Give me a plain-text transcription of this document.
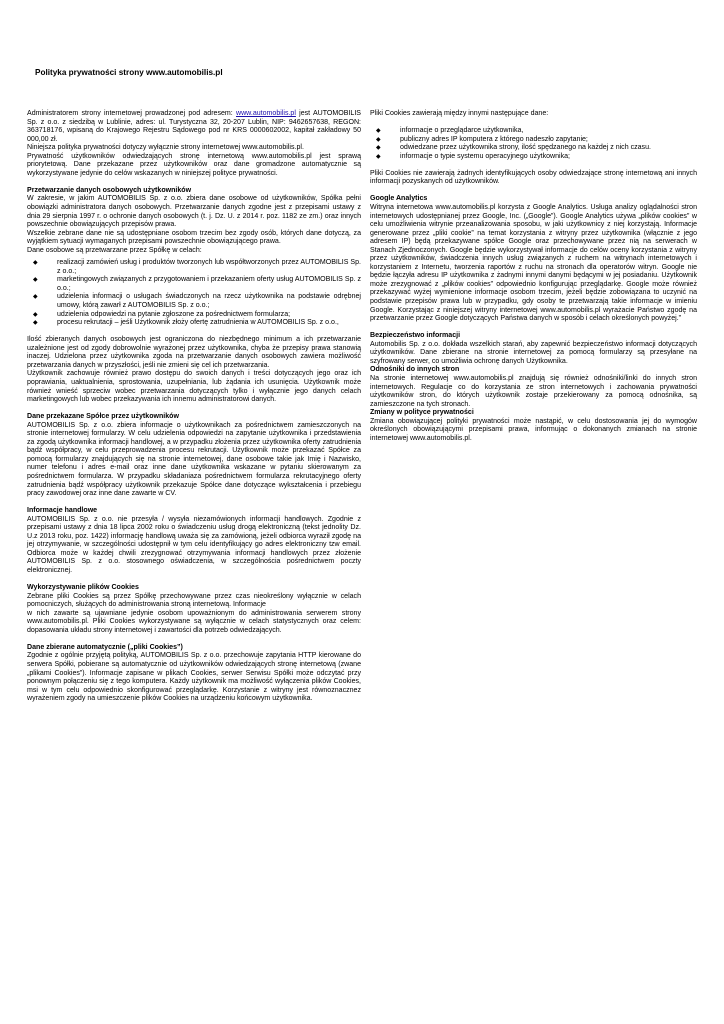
Polityka prywatności strony www.automobilis.pl

Administratorem strony internetowej prowadzonej pod adresem: www.automobilis.pl jest AUTOMOBILIS Sp. z o.o. z siedzibą w Lublinie, adres: ul. Turystyczna 32, 20-207 Lublin, NIP: 9462657638, REGON: 363718176, wpisaną do Krajowego Rejestru Sądowego pod nr KRS 0000602002, kapitał zakładowy 50 000,00 zł.

Niniejsza polityka prywatności dotyczy wyłącznie strony internetowej www.automobilis.pl.

Prywatność użytkowników odwiedzających stronę internetową www.automobilis.pl jest sprawą priorytetową. Dane przekazane przez użytkowników oraz dane gromadzone automatycznie są wykorzystywane jedynie do celów wskazanych w niniejszej polityce prywatności.

Przetwarzanie danych osobowych użytkowników

W zakresie, w jakim AUTOMOBILIS Sp. z o.o. zbiera dane osobowe od użytkowników, Spółka pełni obowiązki administratora danych osobowych. Przetwarzanie danych zgodne jest z przepisami ustawy z dnia 29 sierpnia 1997 r. o ochronie danych osobowych (t. j. Dz. U. z 2014 r. poz. 1182 ze zm.) oraz innych powszechnie obowiązujących przepisów prawa.

Wszelkie zebrane dane nie są udostępniane osobom trzecim bez zgody osób, których dane dotyczą, za wyjątkiem sytuacji wymaganych przepisami powszechnie obowiązującego prawa.

Dane osobowe są przetwarzane przez Spółkę w celach:

◆ realizacji zamówień usług i produktów tworzonych lub współtworzonych przez AUTOMOBILIS Sp. z o.o.;
◆ marketingowych związanych z przygotowaniem i przekazaniem oferty usług AUTOMOBILIS Sp. z o.o.;
◆ udzielenia informacji o usługach świadczonych na rzecz użytkownika na podstawie odrębnej umowy, którą zawarł z AUTOMOBILIS Sp. z o.o.;
◆ udzielenia odpowiedzi na pytanie zgłoszone za pośrednictwem formularza;
◆ procesu rekrutacji – jeśli Użytkownik złoży ofertę zatrudnienia w AUTOMOBILIS Sp. z o.o.,

Ilość zbieranych danych osobowych jest ograniczona do niezbędnego minimum a ich przetwarzanie uzależnione jest od zgody dobrowolnie wyrażonej przez użytkownika, chyba że przepisy prawa stanowią inaczej. Udzielona przez użytkownika zgoda na przetwarzanie danych osobowych zawiera możliwość przetwarzania danych w przyszłości, jeśli nie zmieni się cel ich przetwarzania.

Użytkownik zachowuje również prawo dostępu do swoich danych i treści dotyczących jego oraz ich poprawiania, uaktualnienia, sprostowania, uzupełniania, lub żądania ich usunięcia. Użytkownik może również wnieść sprzeciw wobec przetwarzania dotyczących tylko i wyłącznie jego danych celach marketingowych lub wobec przekazywania ich innemu administratorowi danych.

Dane przekazane Spółce przez użytkowników

AUTOMOBILIS Sp. z o.o. zbiera informacje o użytkownikach za pośrednictwem zamieszczonych na stronie internetowej formularzy. W celu udzielenia odpowiedzi na zapytanie użytkownika i przedstawienia za zgodą użytkownika informacji handlowej, a w przypadku złożenia przez użytkownika oferty zatrudnienia bądź współpracy, w celu przeprowadzenia procesu rekrutacji. Użytkownik może przekazać Spółce za pomocą formularzy znajdujących się na stronie internetowej, dane osobowe takie jak Imię i Nazwisko, numer telefonu i adres e-mail oraz inne dane użytkownika wskazane w pytaniu skierowanym za pośrednictwem formularza. W przypadku składaniaza pośrednictwem formularza rekrutacyjnego oferty zatrudnienia bądź współpracy użytkownik przekazuje Spółce dane dotyczące wykształcenia i przebiegu pracy zawodowej oraz inne dane zawarte w CV.

Informacje handlowe

AUTOMOBILIS Sp. z o.o. nie przesyła / wysyła niezamówionych informacji handlowych. Zgodnie z przepisami ustawy z dnia 18 lipca 2002 roku o świadczeniu usług drogą elektroniczną (tekst jednolity Dz. U.z 2013 roku, poz. 1422) informację handlową uważa się za zamówioną, jeżeli odbiorca wyraził zgodę na jej otrzymywanie, w szczególności udostępnił w tym celu identyfikujący go adres elektroniczny tzw email. Odbiorca może w każdej chwili zrezygnować otrzymywania informacji handlowych przez złożenie AUTOMOBILIS Sp. z o.o. stosownego oświadczenia, w szczególnościa pośrednictwem poczty elektronicznej.

Wykorzystywanie plików Cookies

Zebrane pliki Cookies są przez Spółkę przechowywane przez czas nieokreślony wyłącznie w celach pomocniczych, służących do administrowania stroną internetową. Informacje

w nich zawarte są ujawniane jedynie osobom upoważnionym do administrowania serwerem strony www.automobilis.pl. Pliki Cookies wykorzystywane są wyłącznie w celach statystycznych oraz celem: dopasowania układu strony internetowej i zawartości dla potrzeb odwiedzających.

Dane zbierane automatycznie („pliki Cookies”)

Zgodnie z ogólnie przyjętą polityką, AUTOMOBILIS Sp. z o.o. przechowuje zapytania HTTP kierowane do serwera Spółki, pobierane są automatycznie od użytkowników odwiedzających stronę internetową (zwane „plikami Cookies”). Informacje zapisane w plikach Cookies, serwer Serwisu Spółki może odczytać przy ponownym połączeniu się z tego komputera. Każdy użytkownik ma możliwość wyłączenia plików Cookies, msi w tym celu odpowiednio skonfigurować przeglądarkę. Korzystanie z witryny jest równoznacznez wyrażeniem zgody na umieszczenie plików Cookies na urządzeniu końcowym użytkownika.

Pliki Cookies zawierają między innymi następujące dane:

◆ informacje o przeglądarce użytkownika,
◆ publiczny adres IP komputera z którego nadeszło zapytanie;
◆ odwiedzane przez użytkownika strony, ilość spędzanego na każdej z nich czasu.
◆ informacje o typie systemu operacyjnego użytkownika;

Pliki Cookies nie zawierają żadnych identyfikujących osoby odwiedzające stronę internetową ani innych informacji pozyskanych od użytkowników.

Google Analytics

Witryna internetowa www.automobilis.pl korzysta z Google Analytics. Usługa analizy oglądalności stron internetowych udostępnianej przez Google, Inc. („Google”). Google Analytics używa „plików cookies” w celu umożliwienia witrynie przeanalizowania sposobu, w jaki użytkownicy z niej korzystają. Informacje generowane przez „pliki cookie” na temat korzystania z witryny przez użytkownika (włącznie z jego adresem IP) będą przekazywane spółce Google oraz przechowywane przez nią na serwerach w Stanach Zjednoczonych. Google będzie wykorzystywał informacje do celów oceny korzystania z witryny przez użytkowników, świadczenia innych usług związanych z ruchem na witrynach internetowych i korzystaniem z Internetu, tworzenia raportów z ruchu na stronach dla operatorów witryn. Google nie będzie łączyła adresu IP użytkownika z żadnymi innymi danymi będącymi w jej posiadaniu. Użytkownik może zrezygnować z „plików cookies” odpowiednio konfigurując przeglądarkę. Google może również przekazywać wyżej wymienione informacje osobom trzecim, jeżeli będzie zobowiązana to uczynić na podstawie przepisów prawa lub w przypadku, gdy osoby te przetwarzają takie informacje w imieniu Google. Korzystając z niniejszej witryny internetowej www.automobilis.pl wyrażacie Państwo zgodę na przetwarzanie przez Google dotyczących Państwa danych w sposób i celach określonych powyżej.”

Bezpieczeństwo informacji

Automobilis Sp. z o.o. dokłada wszelkich starań, aby zapewnić bezpieczeństwo informacji dotyczących użytkowników. Dane zbierane na stronie internetowej za pomocą formularzy są przesyłane na szyfrowany serwer, co umożliwia ochronę danych Użytkownika.

Odnośniki do innych stron

Na stronie internetowej www.automobilis.pl znajdują się również odnośniki/linki do innych stron internetowych. Regulacje co do korzystania ze stron internetowych i zachowania prywatności użytkowników stron, do których użytkownik zostaje przekierowany za pomocą odnośnika, są zamieszczone na tych stronach.

Zmiany w polityce prywatności

Zmiana obowiązującej polityki prywatności może nastąpić, w celu dostosowania jej do wymogów określonych obowiązującymi przepisami prawa, informując o dokonanych zmianach na stronie internetowej www.automobilis.pl.
